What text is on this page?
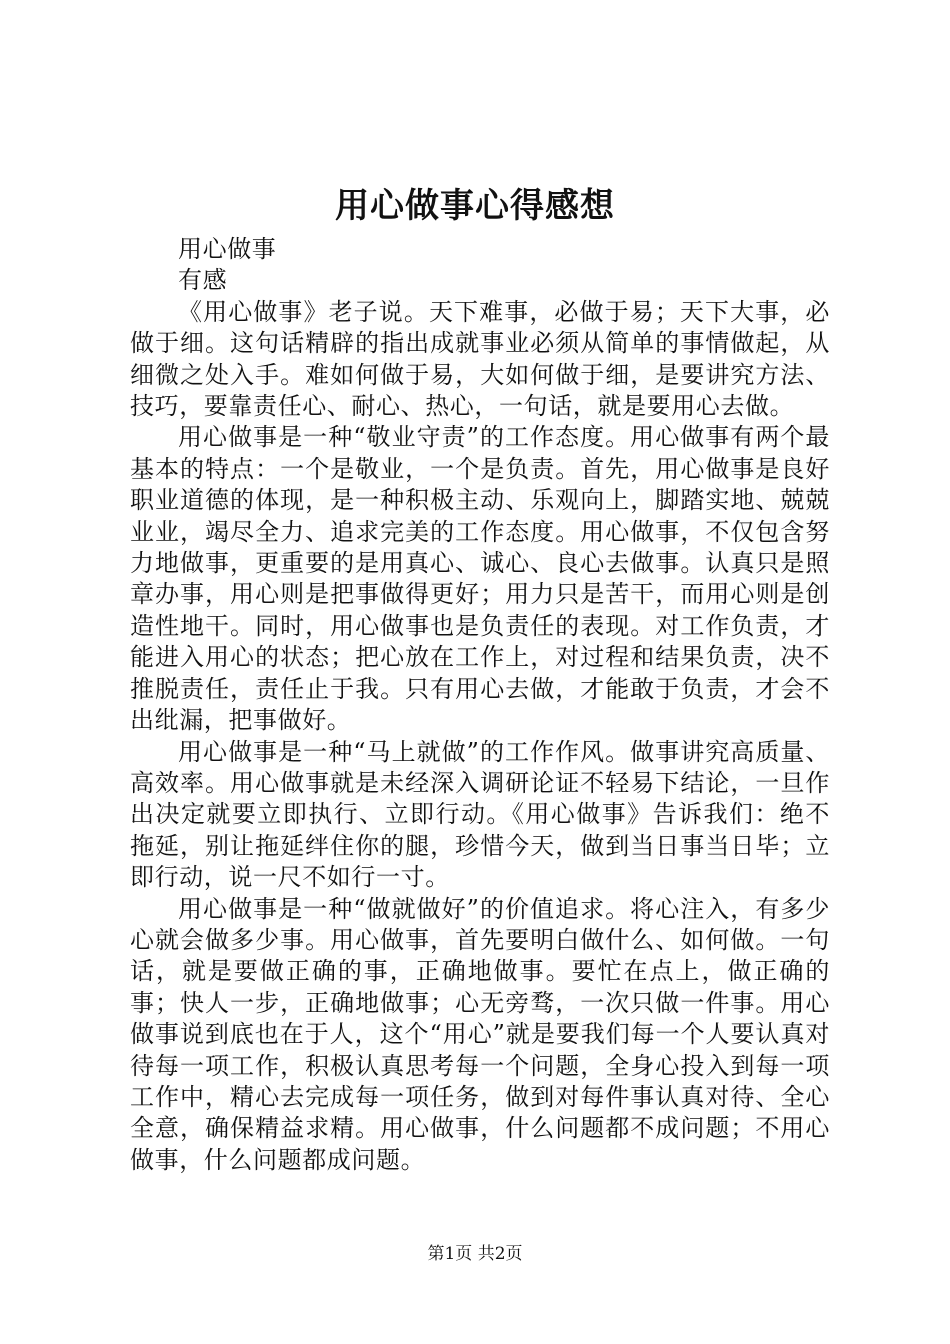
用心做事心得感想
用心做事
有感

《用心做事》老子说。天下难事，必做于易；天下大事，必做于细。这句话精辟的指出成就事业必须从简单的事情做起，从细微之处入手。难如何做于易，大如何做于细，是要讲究方法、技巧，要靠责任心、耐心、热心，一句话，就是要用心去做。

用心做事是一种“敬业守责”的工作态度。用心做事有两个最基本的特点：一个是敬业，一个是负责。首先，用心做事是良好职业道德的体现，是一种积极主动、乐观向上，脚踏实地、兢兢业业，竭尽全力、追求完美的工作态度。用心做事，不仅包含努力地做事，更重要的是用真心、诚心、良心去做事。认真只是照章办事，用心则是把事做得更好；用力只是苦干，而用心则是创造性地干。同时，用心做事也是负责任的表现。对工作负责，才能进入用心的状态；把心放在工作上，对过程和结果负责，决不推脱责任，责任止于我。只有用心去做，才能敢于负责，才会不出纰漏，把事做好。

用心做事是一种“马上就做”的工作作风。做事讲究高质量、高效率。用心做事就是未经深入调研论证不轻易下结论，一旦作出决定就要立即执行、立即行动。《用心做事》告诉我们：绝不拖延，别让拖延绊住你的腿，珍惜今天，做到当日事当日毕；立即行动，说一尺不如行一寸。

用心做事是一种“做就做好”的价值追求。将心注入，有多少心就会做多少事。用心做事，首先要明白做什么、如何做。一句话，就是要做正确的事，正确地做事。要忙在点上，做正确的事；快人一步，正确地做事；心无旁骛，一次只做一件事。用心做事说到底也在于人，这个“用心”就是要我们每一个人要认真对待每一项工作，积极认真思考每一个问题，全身心投入到每一项工作中，精心去完成每一项任务，做到对每件事认真对待、全心全意，确保精益求精。用心做事，什么问题都不成问题；不用心做事，什么问题都成问题。

第1页 共2页
